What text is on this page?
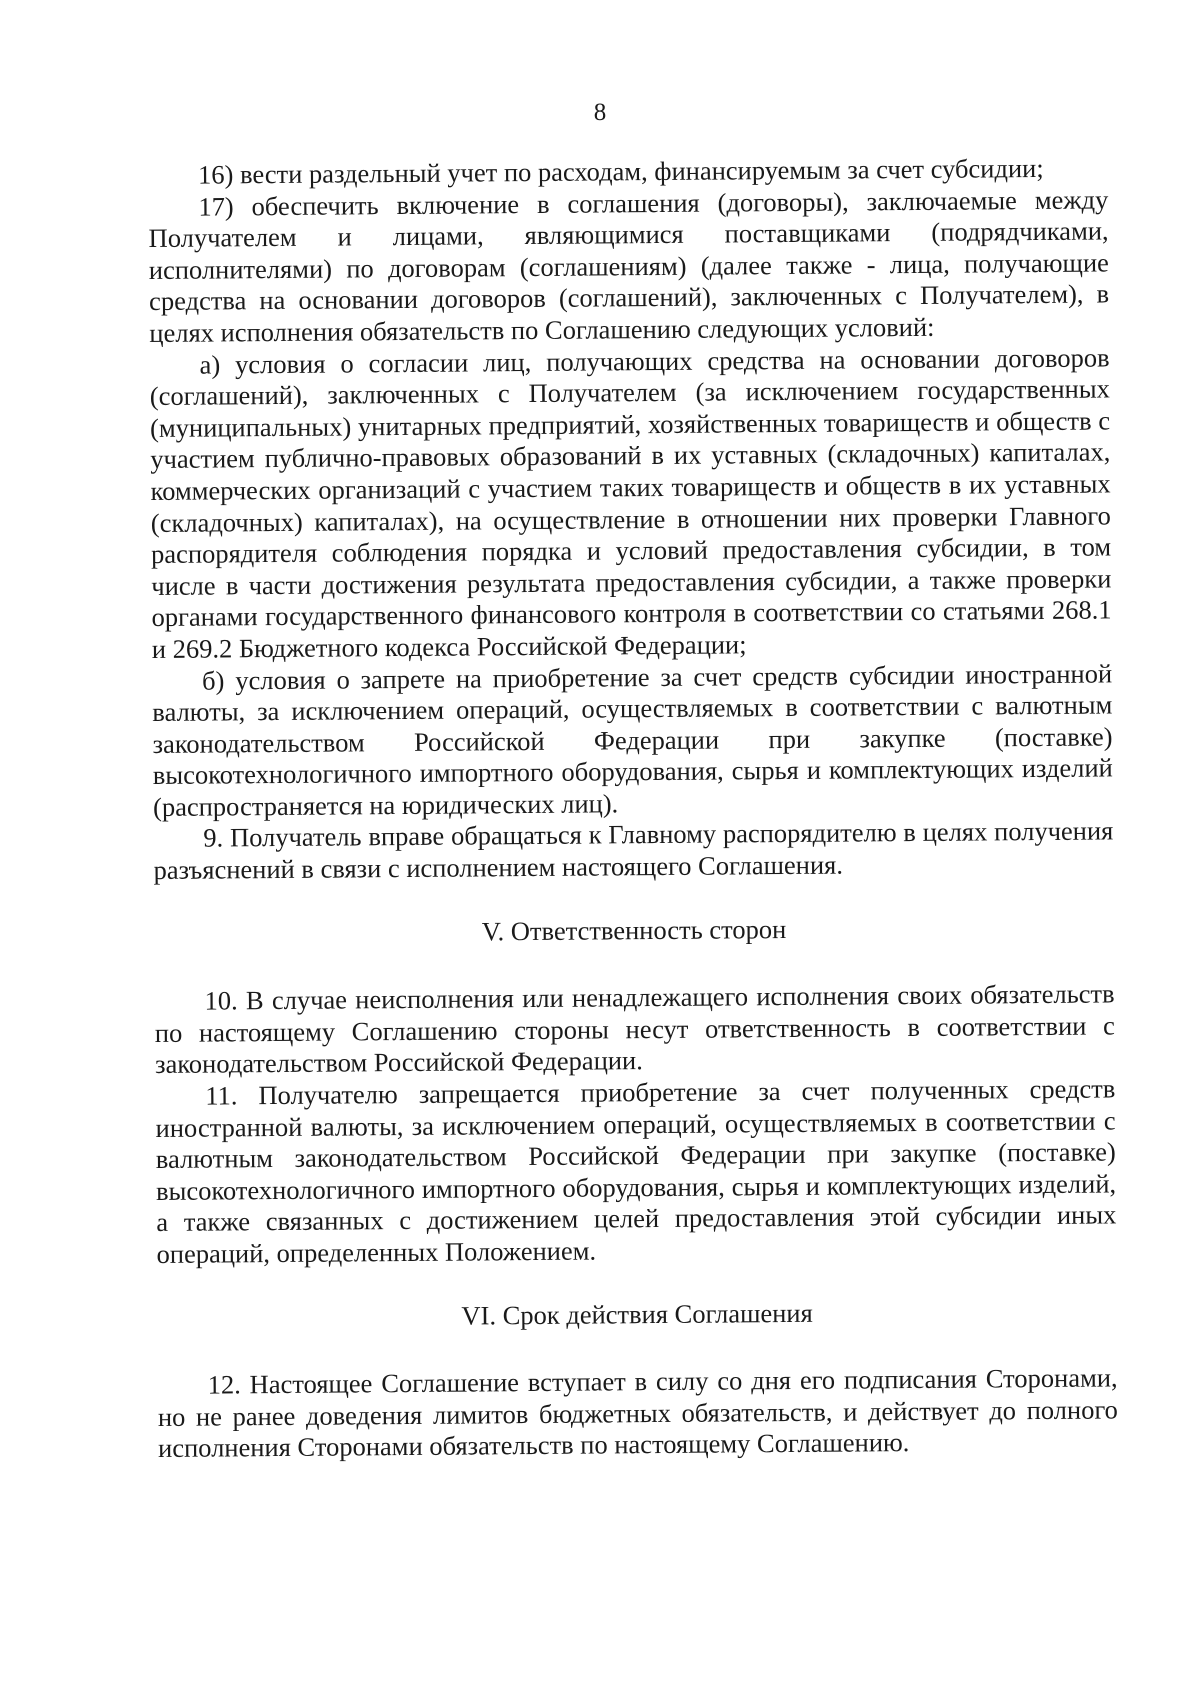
8

16) вести раздельный учет по расходам, финансируемым за счет субсидии;

17) обеспечить включение в соглашения (договоры), заключаемые между Получателем и лицами, являющимися поставщиками (подрядчиками, исполнителями) по договорам (соглашениям) (далее также - лица, получающие средства на основании договоров (соглашений), заключенных с Получателем), в целях исполнения обязательств по Соглашению следующих условий:

а) условия о согласии лиц, получающих средства на основании договоров (соглашений), заключенных с Получателем (за исключением государственных (муниципальных) унитарных предприятий, хозяйственных товариществ и обществ с участием публично-правовых образований в их уставных (складочных) капиталах, коммерческих организаций с участием таких товариществ и обществ в их уставных (складочных) капиталах), на осуществление в отношении них проверки Главного распорядителя соблюдения порядка и условий предоставления субсидии, в том числе в части достижения результата предоставления субсидии, а также проверки органами государственного финансового контроля в соответствии со статьями 268.1 и 269.2 Бюджетного кодекса Российской Федерации;

б) условия о запрете на приобретение за счет средств субсидии иностранной валюты, за исключением операций, осуществляемых в соответствии с валютным законодательством Российской Федерации при закупке (поставке) высокотехнологичного импортного оборудования, сырья и комплектующих изделий (распространяется на юридических лиц).

9. Получатель вправе обращаться к Главному распорядителю в целях получения разъяснений в связи с исполнением настоящего Соглашения.

V. Ответственность сторон

10. В случае неисполнения или ненадлежащего исполнения своих обязательств по настоящему Соглашению стороны несут ответственность в соответствии с законодательством Российской Федерации.

11. Получателю запрещается приобретение за счет полученных средств иностранной валюты, за исключением операций, осуществляемых в соответствии с валютным законодательством Российской Федерации при закупке (поставке) высокотехнологичного импортного оборудования, сырья и комплектующих изделий, а также связанных с достижением целей предоставления этой субсидии иных операций, определенных Положением.

VI. Срок действия Соглашения

12. Настоящее Соглашение вступает в силу со дня его подписания Сторонами, но не ранее доведения лимитов бюджетных обязательств, и действует до полного исполнения Сторонами обязательств по настоящему Соглашению.
